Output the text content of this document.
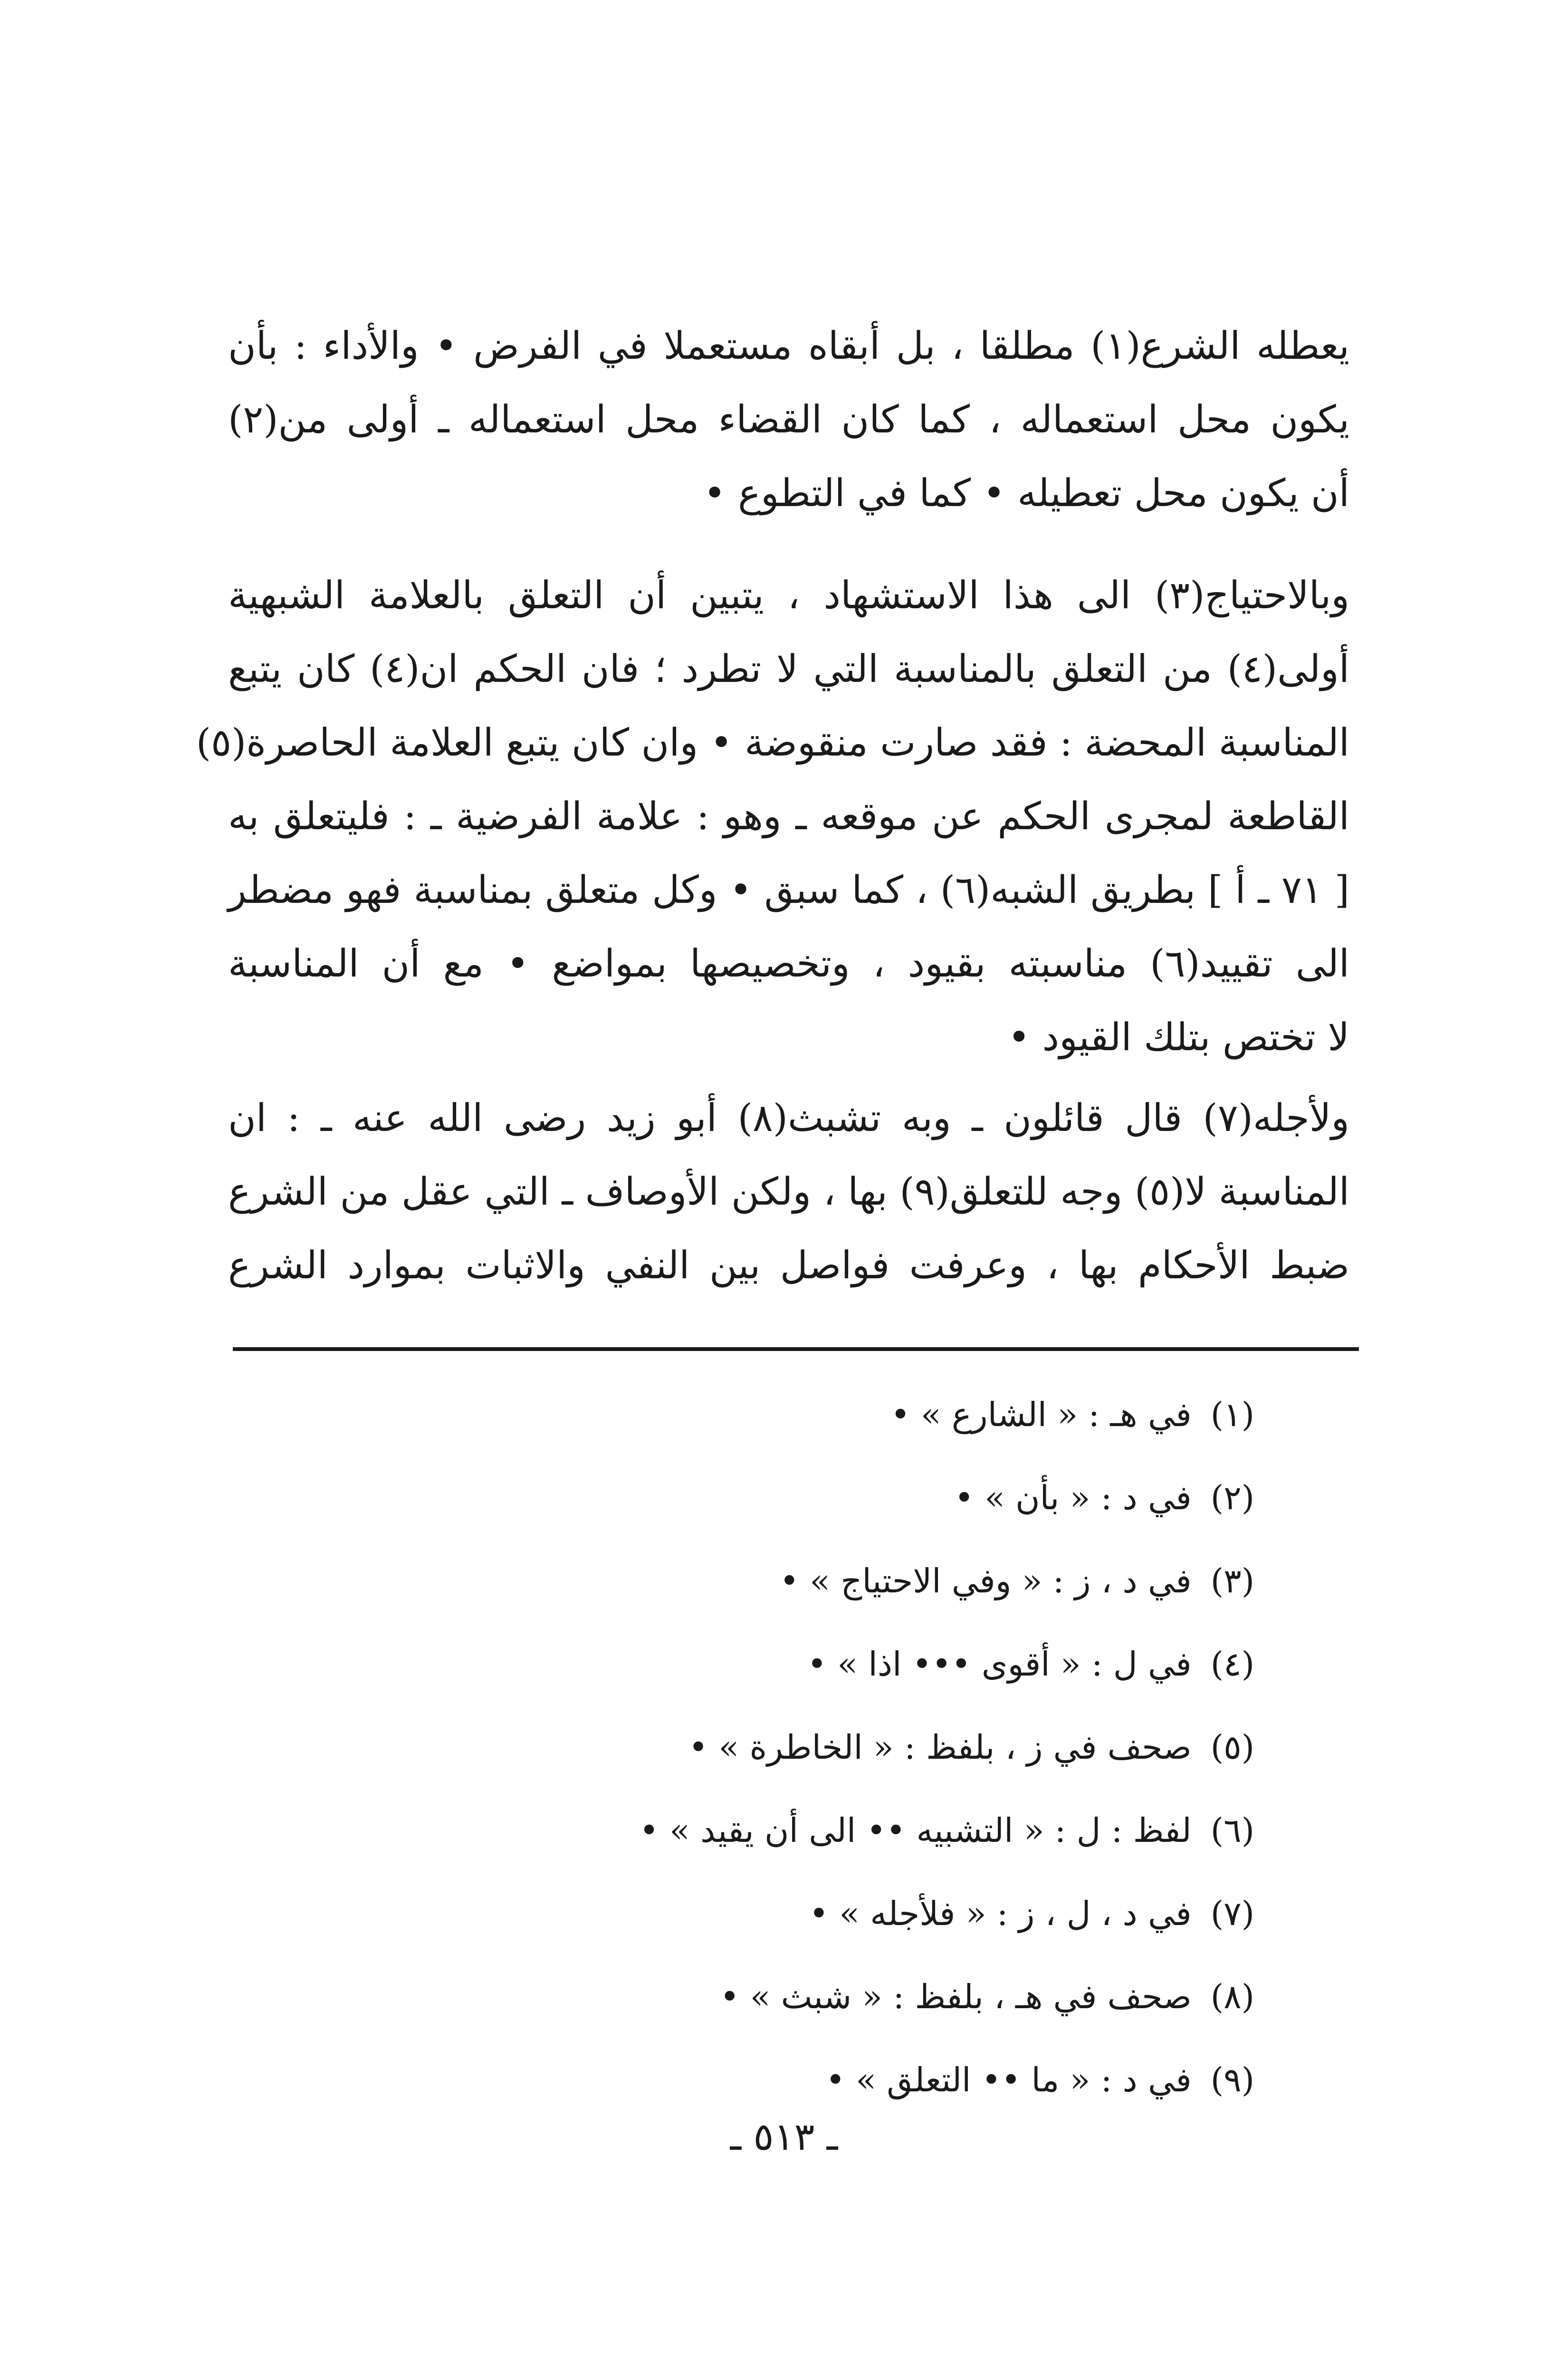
يعطله الشرع(١) مطلقا ، بل أبقاه مستعملا في الفرض • والأداء : بأن
يكون محل استعماله ، كما كان القضاء محل استعماله ـ أولى من(٢)
أن يكون محل تعطيله • كما في التطوع •
وبالاحتياج(٣) الى هذا الاستشهاد ، يتبين أن التعلق بالعلامة الشبهية
أولى(٤) من التعلق بالمناسبة التي لا تطرد ؛ فان الحكم ان(٤) كان يتبع
المناسبة المحضة : فقد صارت منقوضة • وان كان يتبع العلامة الحاصرة(٥)
القاطعة لمجرى الحكم عن موقعه ـ وهو : علامة الفرضية ـ : فليتعلق به
[ ٧١ ـ أ ] بطريق الشبه(٦) ، كما سبق • وكل متعلق بمناسبة فهو مضطر
الى تقييد(٦) مناسبته بقيود ، وتخصيصها بمواضع • مع أن المناسبة
لا تختص بتلك القيود •
ولأجله(٧) قال قائلون ـ وبه تشبث(٨) أبو زيد رضى الله عنه ـ : ان
المناسبة لا(٥) وجه للتعلق(٩) بها ، ولكن الأوصاف ـ التي عقل من الشرع
ضبط الأحكام بها ، وعرفت فواصل بين النفي والاثبات بموارد الشرع
(١)في هـ : « الشارع » •
(٢)في د : « بأن » •
(٣)في د ، ز : « وفي الاحتياج » •
(٤)في ل : « أقوى ••• اذا » •
(٥)صحف في ز ، بلفظ : « الخاطرة » •
(٦)لفظ : ل : « التشبيه •• الى أن يقيد » •
(٧)في د ، ل ، ز : « فلأجله » •
(٨)صحف في هـ ، بلفظ : « شبث » •
(٩)في د : « ما •• التعلق » •
ـ ٥١٣ ـ
